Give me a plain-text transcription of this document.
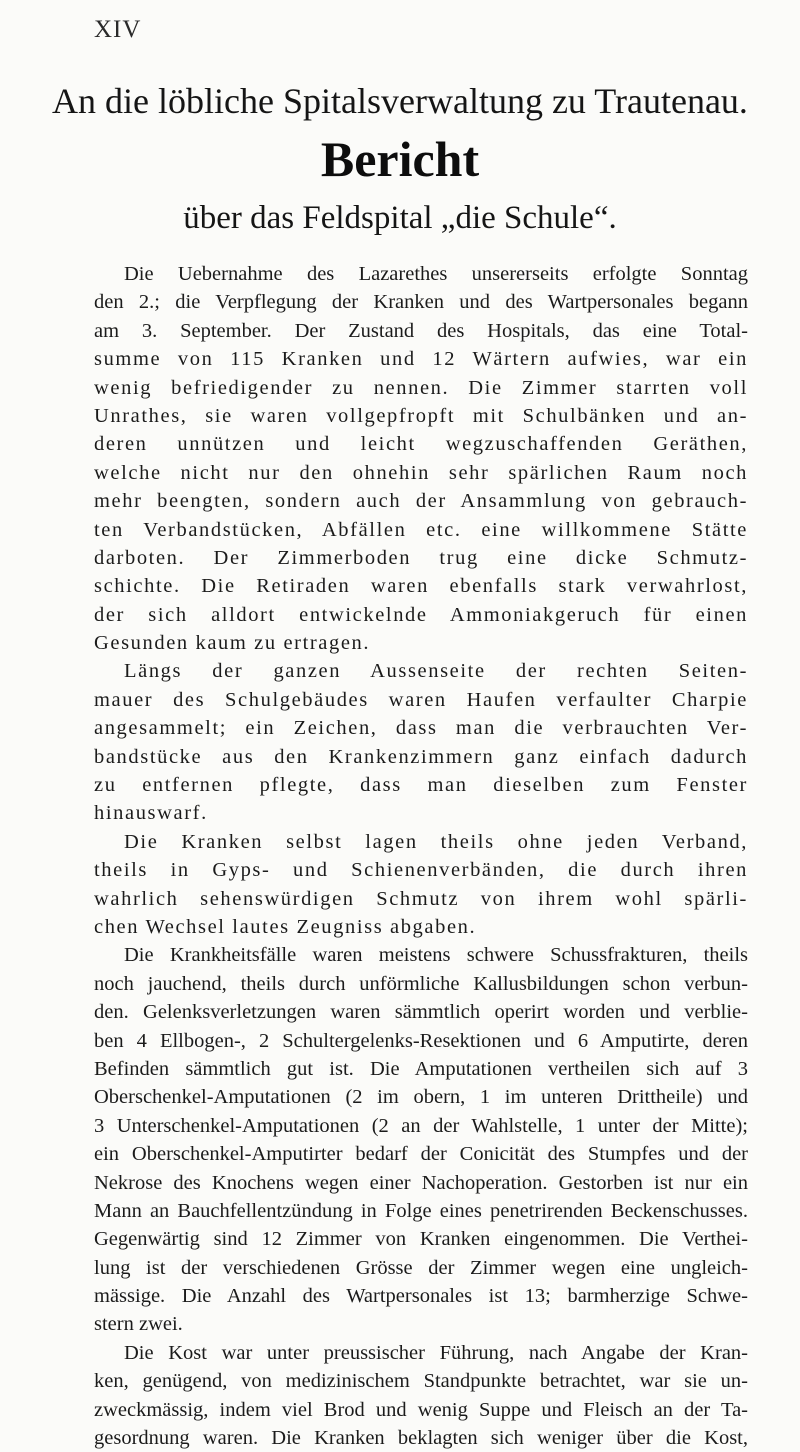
XIV
An die löbliche Spitalsverwaltung zu Trautenau.
Bericht
über das Feldspital „die Schule“.
Die Uebernahme des Lazarethes unsererseits erfolgte Sonntag
den 2.; die Verpflegung der Kranken und des Wartpersonales begann
am 3. September. Der Zustand des Hospitals, das eine Total-
summe von 115 Kranken und 12 Wärtern aufwies, war ein
wenig befriedigender zu nennen. Die Zimmer starrten voll
Unrathes, sie waren vollgepfropft mit Schulbänken und an-
deren unnützen und leicht wegzuschaffenden Geräthen,
welche nicht nur den ohnehin sehr spärlichen Raum noch
mehr beengten, sondern auch der Ansammlung von gebrauch-
ten Verbandstücken, Abfällen etc. eine willkommene Stätte
darboten. Der Zimmerboden trug eine dicke Schmutz-
schichte. Die Retiraden waren ebenfalls stark verwahrlost,
der sich alldort entwickelnde Ammoniakgeruch für einen
Gesunden kaum zu ertragen.
Längs der ganzen Aussenseite der rechten Seiten-
mauer des Schulgebäudes waren Haufen verfaulter Charpie
angesammelt; ein Zeichen, dass man die verbrauchten Ver-
bandstücke aus den Krankenzimmern ganz einfach dadurch
zu entfernen pflegte, dass man dieselben zum Fenster
hinauswarf.
Die Kranken selbst lagen theils ohne jeden Verband,
theils in Gyps- und Schienenverbänden, die durch ihren
wahrlich sehenswürdigen Schmutz von ihrem wohl spärli-
chen Wechsel lautes Zeugniss abgaben.
Die Krankheitsfälle waren meistens schwere Schussfrakturen, theils
noch jauchend, theils durch unförmliche Kallusbildungen schon verbun-
den. Gelenksverletzungen waren sämmtlich operirt worden und verblie-
ben 4 Ellbogen-, 2 Schultergelenks-Resektionen und 6 Amputirte, deren
Befinden sämmtlich gut ist. Die Amputationen vertheilen sich auf 3
Oberschenkel-Amputationen (2 im obern, 1 im unteren Drittheile) und
3 Unterschenkel-Amputationen (2 an der Wahlstelle, 1 unter der Mitte);
ein Oberschenkel-Amputirter bedarf der Conicität des Stumpfes und der
Nekrose des Knochens wegen einer Nachoperation. Gestorben ist nur ein
Mann an Bauchfellentzündung in Folge eines penetrirenden Beckenschusses.
Gegenwärtig sind 12 Zimmer von Kranken eingenommen. Die Verthei-
lung ist der verschiedenen Grösse der Zimmer wegen eine ungleich-
mässige. Die Anzahl des Wartpersonales ist 13; barmherzige Schwe-
stern zwei.
Die Kost war unter preussischer Führung, nach Angabe der Kran-
ken, genügend, von medizinischem Standpunkte betrachtet, war sie un-
zweckmässig, indem viel Brod und wenig Suppe und Fleisch an der Ta-
gesordnung waren. Die Kranken beklagten sich weniger über die Kost,
